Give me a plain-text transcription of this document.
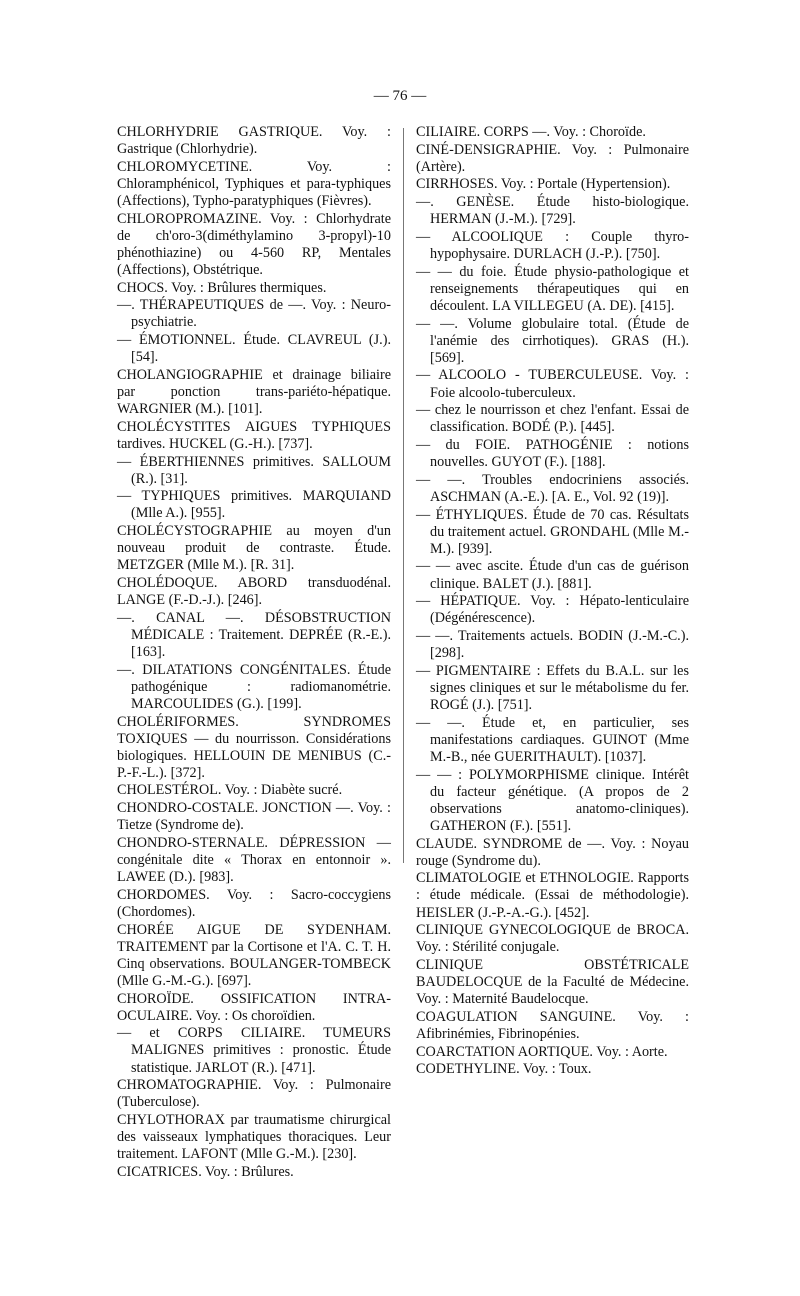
— 76 —

CHLORHYDRIE GASTRIQUE. Voy. : Gastrique (Chlorhydrie).

CHLOROMYCETINE. Voy. : Chloramphénicol, Typhiques et para-typhiques (Affections), Typho-paratyphiques (Fièvres).

CHLOROPROMAZINE. Voy. : Chlorhydrate de ch'oro-3(diméthylamino 3-propyl)-10 phénothiazine) ou 4-560 RP, Mentales (Affections), Obstétrique.

CHOCS. Voy. : Brûlures thermiques.

—. THÉRAPEUTIQUES de —. Voy. : Neuro-psychiatrie.

— ÉMOTIONNEL. Étude. CLAVREUL (J.). [54].

CHOLANGIOGRAPHIE et drainage biliaire par ponction trans-pariéto-hépatique. WARGNIER (M.). [101].

CHOLÉCYSTITES AIGUES TYPHIQUES tardives. HUCKEL (G.-H.). [737].

— ÉBERTHIENNES primitives. SALLOUM (R.). [31].

— TYPHIQUES primitives. MARQUIAND (Mlle A.). [955].

CHOLÉCYSTOGRAPHIE au moyen d'un nouveau produit de contraste. Étude. METZGER (Mlle M.). [R. 31].

CHOLÉDOQUE. ABORD transduodénal. LANGE (F.-D.-J.). [246].

—. CANAL —. DÉSOBSTRUCTION MÉDICALE : Traitement. DEPRÉE (R.-E.). [163].

—. DILATATIONS CONGÉNITALES. Étude pathogénique : radiomanométrie. MARCOULIDES (G.). [199].

CHOLÉRIFORMES. SYNDROMES TOXIQUES — du nourrisson. Considérations biologiques. HELLOUIN DE MENIBUS (C.-P.-F.-L.). [372].

CHOLESTÉROL. Voy. : Diabète sucré.

CHONDRO-COSTALE. JONCTION —. Voy. : Tietze (Syndrome de).

CHONDRO-STERNALE. DÉPRESSION — congénitale dite « Thorax en entonnoir ». LAWEE (D.). [983].

CHORDOMES. Voy. : Sacro-coccygiens (Chordomes).

CHORÉE AIGUE DE SYDENHAM. TRAITEMENT par la Cortisone et l'A. C. T. H. Cinq observations. BOULANGER-TOMBECK (Mlle G.-M.-G.). [697].

CHOROÏDE. OSSIFICATION INTRA-OCULAIRE. Voy. : Os choroïdien.

— et CORPS CILIAIRE. TUMEURS MALIGNES primitives : pronostic. Étude statistique. JARLOT (R.). [471].

CHROMATOGRAPHIE. Voy. : Pulmonaire (Tuberculose).

CHYLOTHORAX par traumatisme chirurgical des vaisseaux lymphatiques thoraciques. Leur traitement. LAFONT (Mlle G.-M.). [230].

CICATRICES. Voy. : Brûlures.

CILIAIRE. CORPS —. Voy. : Choroïde.

CINÉ-DENSIGRAPHIE. Voy. : Pulmonaire (Artère).

CIRRHOSES. Voy. : Portale (Hypertension).

—. GENÈSE. Étude histo-biologique. HERMAN (J.-M.). [729].

— ALCOOLIQUE : Couple thyro-hypophysaire. DURLACH (J.-P.). [750].

— — du foie. Étude physio-pathologique et renseignements thérapeutiques qui en découlent. LA VILLEGEU (A. DE). [415].

— —. Volume globulaire total. (Étude de l'anémie des cirrhotiques). GRAS (H.). [569].

— ALCOOLO - TUBERCULEUSE. Voy. : Foie alcoolo-tuberculeux.

— chez le nourrisson et chez l'enfant. Essai de classification. BODÉ (P.). [445].

— du FOIE. PATHOGÉNIE : notions nouvelles. GUYOT (F.). [188].

— —. Troubles endocriniens associés. ASCHMAN (A.-E.). [A. E., Vol. 92 (19)].

— ÉTHYLIQUES. Étude de 70 cas. Résultats du traitement actuel. GRONDAHL (Mlle M.-M.). [939].

— — avec ascite. Étude d'un cas de guérison clinique. BALET (J.). [881].

— HÉPATIQUE. Voy. : Hépato-lenticulaire (Dégénérescence).

— —. Traitements actuels. BODIN (J.-M.-C.). [298].

— PIGMENTAIRE : Effets du B.A.L. sur les signes cliniques et sur le métabolisme du fer. ROGÉ (J.). [751].

— —. Étude et, en particulier, ses manifestations cardiaques. GUINOT (Mme M.-B., née GUERITHAULT). [1037].

— — : POLYMORPHISME clinique. Intérêt du facteur génétique. (A propos de 2 observations anatomo-cliniques). GATHERON (F.). [551].

CLAUDE. SYNDROME de —. Voy. : Noyau rouge (Syndrome du).

CLIMATOLOGIE et ETHNOLOGIE. Rapports : étude médicale. (Essai de méthodologie). HEISLER (J.-P.-A.-G.). [452].

CLINIQUE GYNECOLOGIQUE de BROCA. Voy. : Stérilité conjugale.

CLINIQUE OBSTÉTRICALE BAUDELOCQUE de la Faculté de Médecine. Voy. : Maternité Baudelocque.

COAGULATION SANGUINE. Voy. : Afibrinémies, Fibrinopénies.

COARCTATION AORTIQUE. Voy. : Aorte.

CODETHYLINE. Voy. : Toux.
